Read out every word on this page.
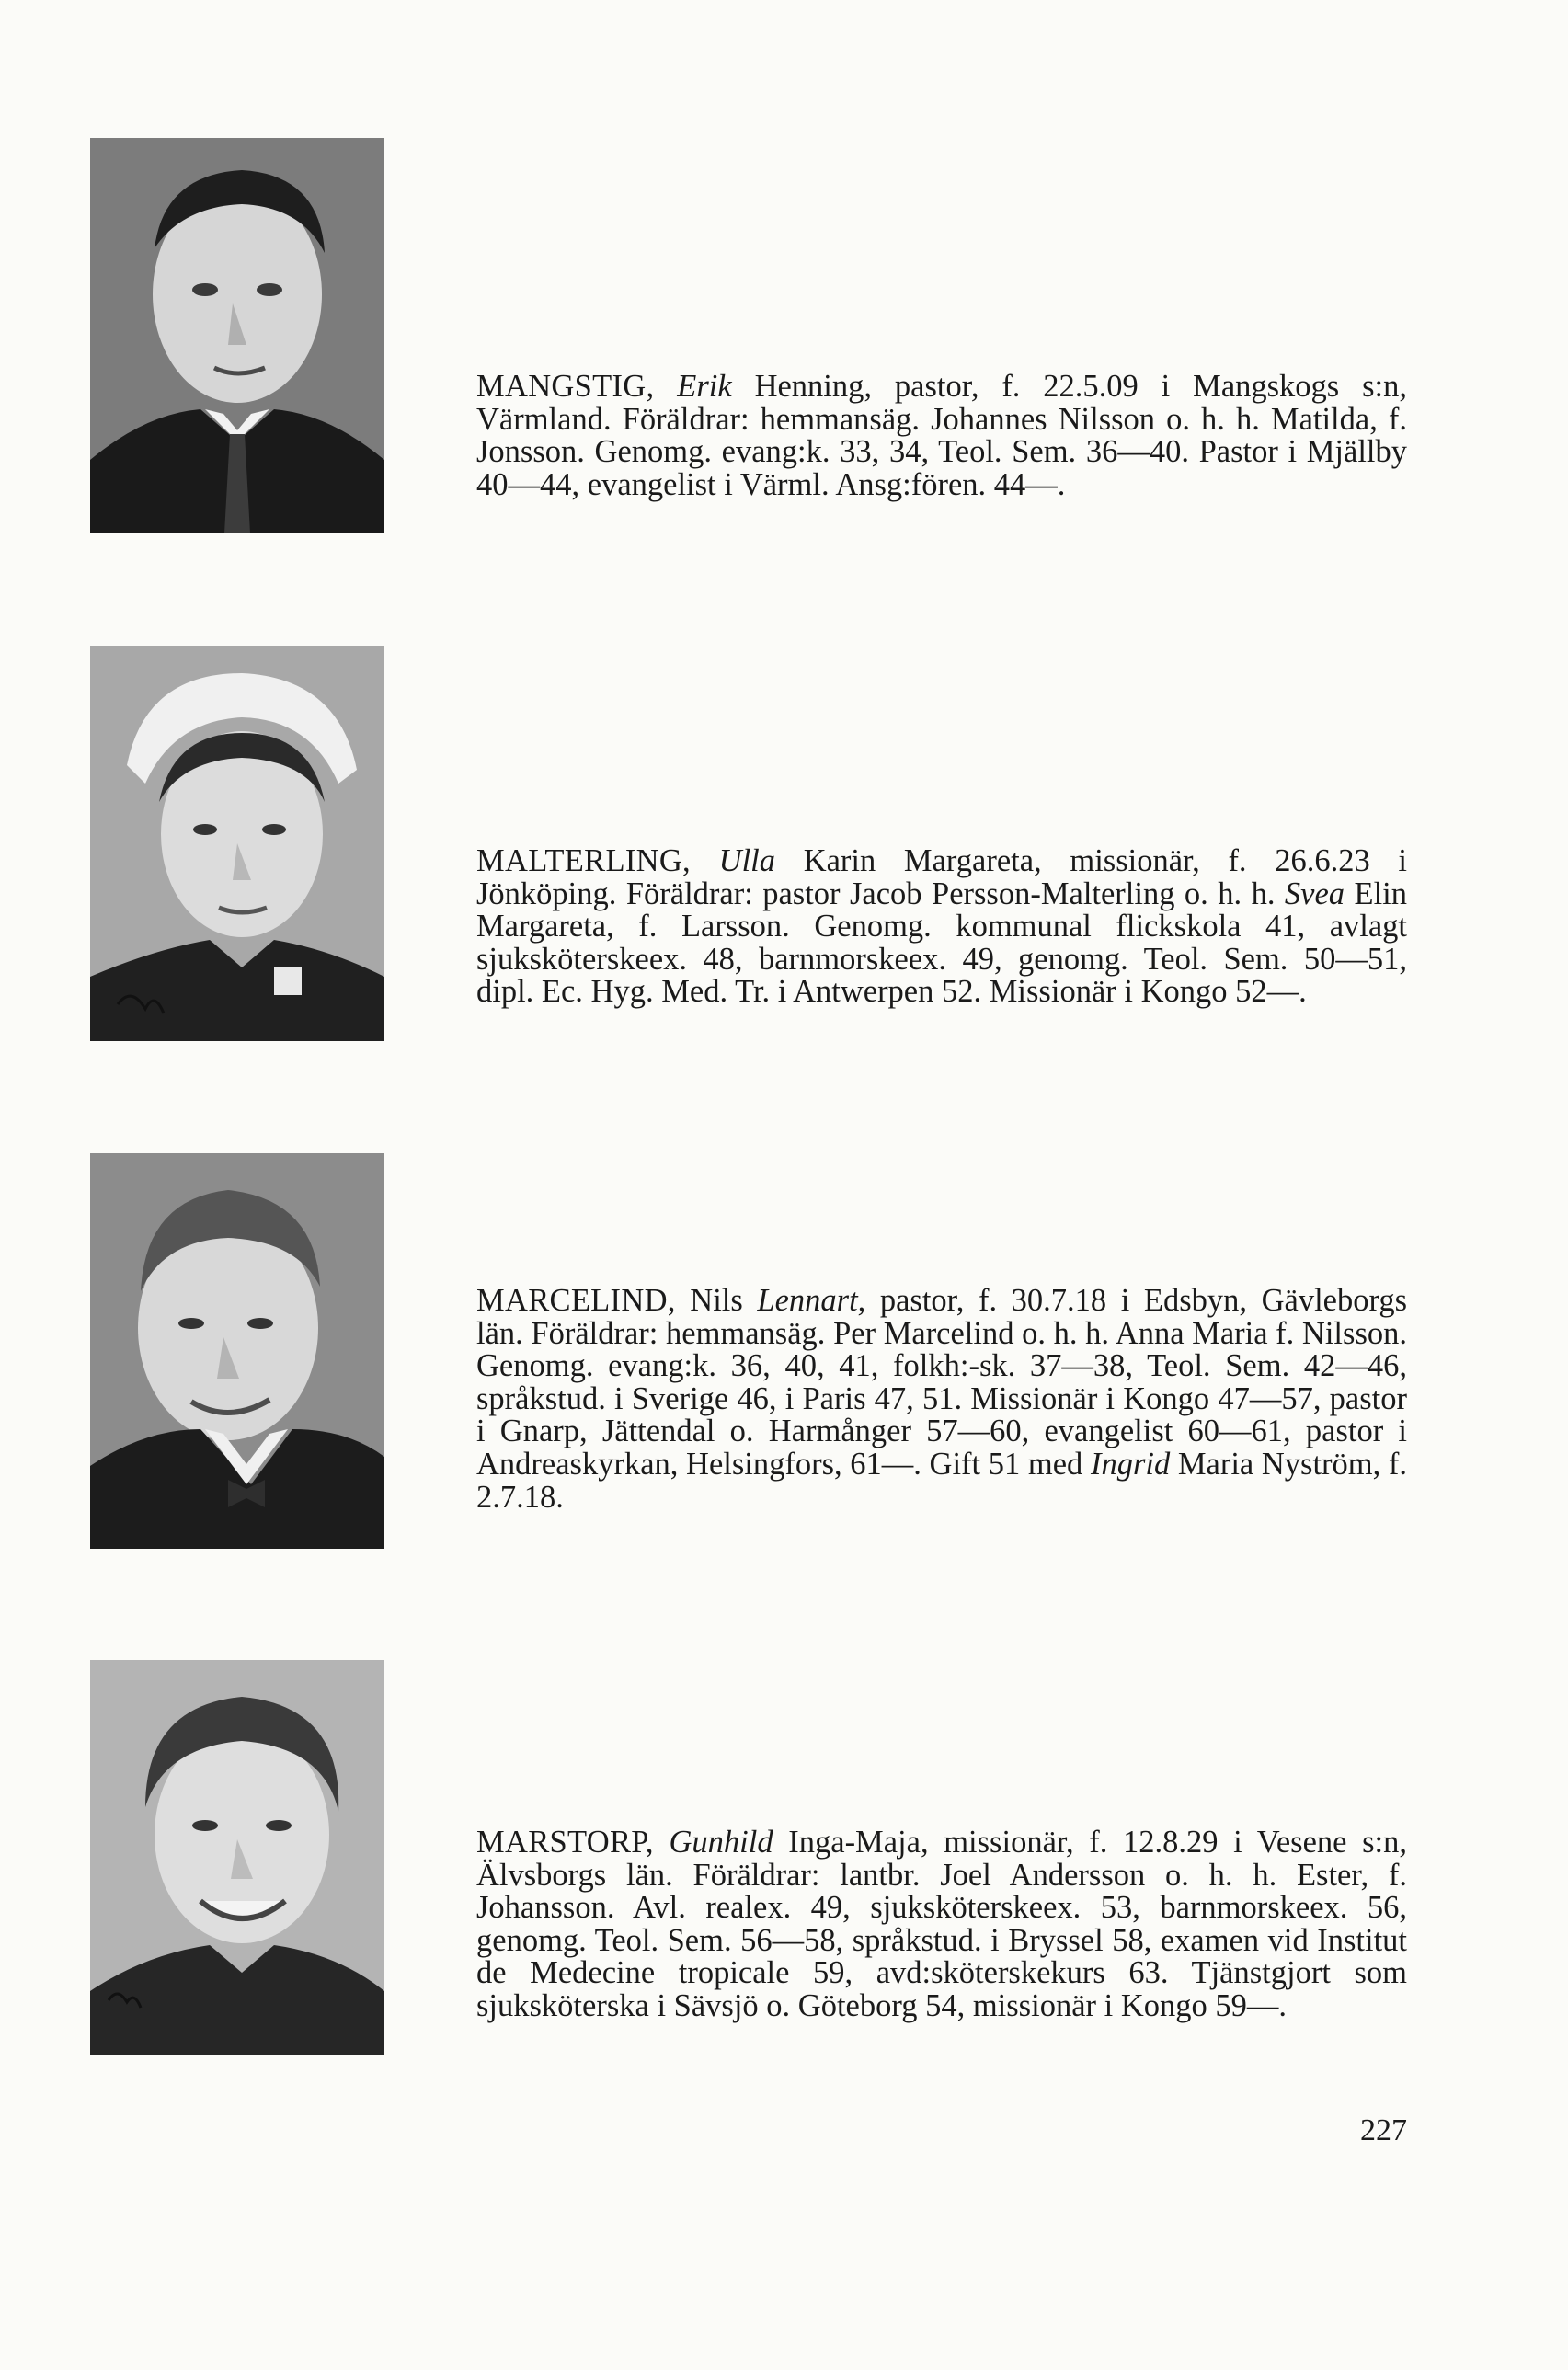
MANGSTIG, Erik Henning, pastor, f. 22.5.09 i Mangskogs s:n, Värmland. Föräldrar: hemmansäg. Johannes Nilsson o. h. h. Matilda, f. Jonsson. Genomg. evang:k. 33, 34, Teol. Sem. 36—40. Pastor i Mjällby 40—44, evangelist i Värml. Ansg:fören. 44—.

MALTERLING, Ulla Karin Margareta, missionär, f. 26.6.23 i Jönköping. Föräldrar: pastor Jacob Persson-Malterling o. h. h. Svea Elin Margareta, f. Larsson. Genomg. kommunal flickskola 41, avlagt sjuksköterskeex. 48, barnmorskeex. 49, genomg. Teol. Sem. 50—51, dipl. Ec. Hyg. Med. Tr. i Antwerpen 52. Missionär i Kongo 52—.

MARCELIND, Nils Lennart, pastor, f. 30.7.18 i Edsbyn, Gävleborgs län. Föräldrar: hemmansäg. Per Marcelind o. h. h. Anna Maria f. Nilsson. Genomg. evang:k. 36, 40, 41, folkh:-sk. 37—38, Teol. Sem. 42—46, språkstud. i Sverige 46, i Paris 47, 51. Missionär i Kongo 47—57, pastor i Gnarp, Jättendal o. Harmånger 57—60, evangelist 60—61, pastor i Andreaskyrkan, Helsingfors, 61—. Gift 51 med Ingrid Maria Nyström, f. 2.7.18.

MARSTORP, Gunhild Inga-Maja, missionär, f. 12.8.29 i Vesene s:n, Älvsborgs län. Föräldrar: lantbr. Joel Andersson o. h. h. Ester, f. Johansson. Avl. realex. 49, sjuksköterskeex. 53, barnmorskeex. 56, genomg. Teol. Sem. 56—58, språkstud. i Bryssel 58, examen vid Institut de Medecine tropicale 59, avd:sköterskekurs 63. Tjänstgjort som sjuksköterska i Sävsjö o. Göteborg 54, missionär i Kongo 59—.

227
